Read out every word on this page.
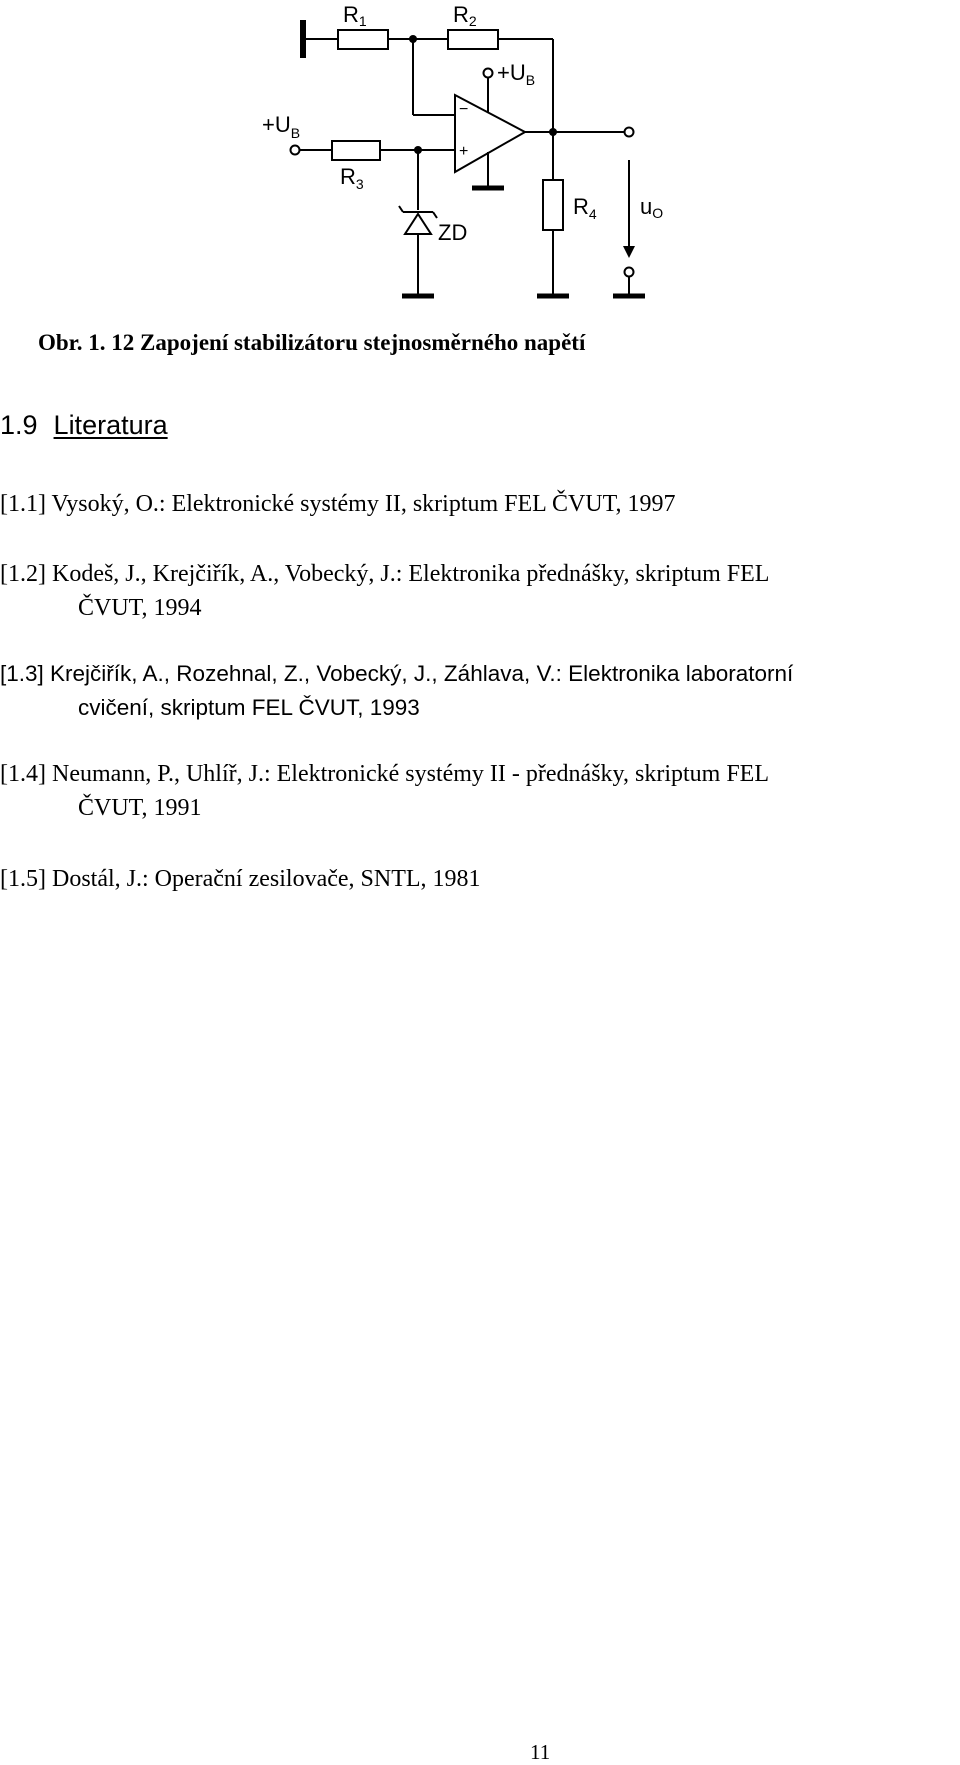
R1	R2
$+U_B$
$+U_B$
$R_3$
ZD
$R_4$ uO
−
+
Obr. 1. 12 Zapojení stabilizátoru stejnosměrného napětí
1.9 Literatura
[1.1] Vysoký, O.: Elektronické systémy II, skriptum FEL ČVUT, 1997
[1.2] Kodeš, J., Krejčiřík, A., Vobecký, J.: Elektronika přednášky, skriptum FEL
ČVUT, 1994
[1.3] Krejčiřík, A., Rozehnal, Z., Vobecký, J., Záhlava, V.: Elektronika laboratorní
cvičení, skriptum FEL ČVUT, 1993
[1.4] Neumann, P., Uhlíř, J.: Elektronické systémy II - přednášky, skriptum FEL
ČVUT, 1991
[1.5] Dostál, J.: Operační zesilovače, SNTL, 1981
11
